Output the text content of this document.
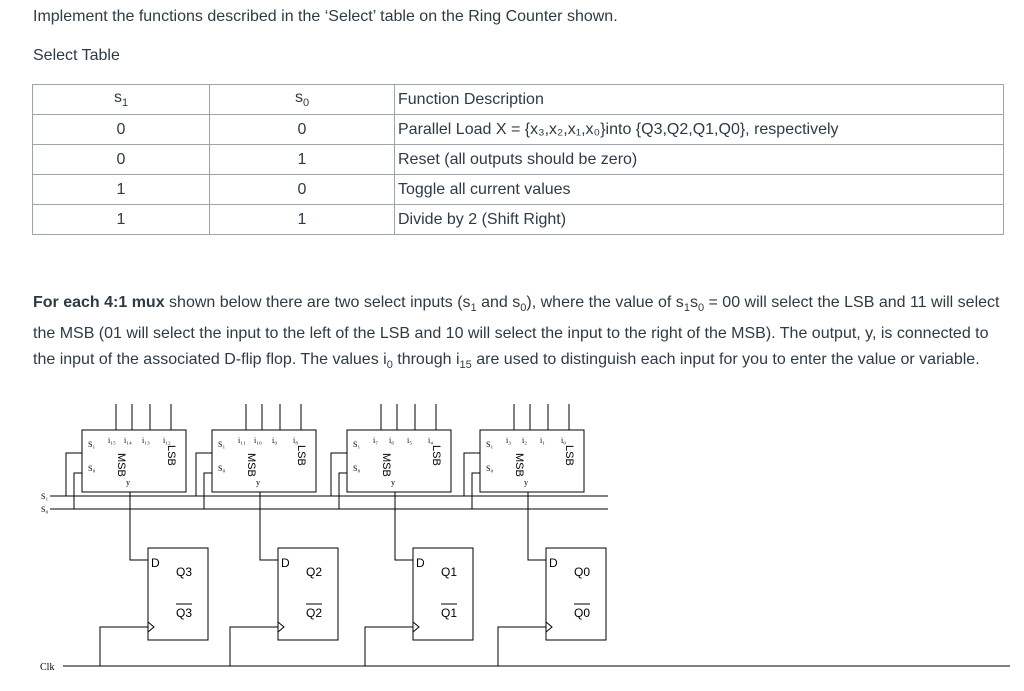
Implement the functions described in the ‘Select’ table on the Ring Counter shown.
Select Table
$s_1$	$s_0$	Function Description
0	0	Parallel Load X = {x₃,x₂,x₁,x₀}into {Q3,Q2,Q1,Q0}, respectively
0	1	Reset (all outputs should be zero)
1	0	Toggle all current values
1	1	Divide by 2 (Shift Right)
For each 4:1 mux shown below there are two select inputs ($s_1$ and $s_0$), where the value of $s_1s_0 = 00$ will select the LSB and 11 will select the MSB (01 will select the input to the left of the LSB and 10 will select the input to the right of the MSB). The output, y, is connected to the input of the associated D-flip flop. The values $i_0$ through $i_{15}$ are used to distinguish each input for you to enter the value or variable.
S₁
S₀
Clk
i₁₅ i₁₄ i₁₃ i₁₂
S₁
S₀
y
MSB	LSB
D
Q3
Q3
i₁₁ i₁₀ i₉ i₈
S₁
S₀
y
MSB	LSB
D
Q2
Q2
i₇ i₆ i₅ i₄
S₁
S₀
y
MSB	LSB
D
Q1
Q1
i₃ i₂ i₁ i₀
S₁
S₀
y
MSB	LSB
D
Q0
Q0
